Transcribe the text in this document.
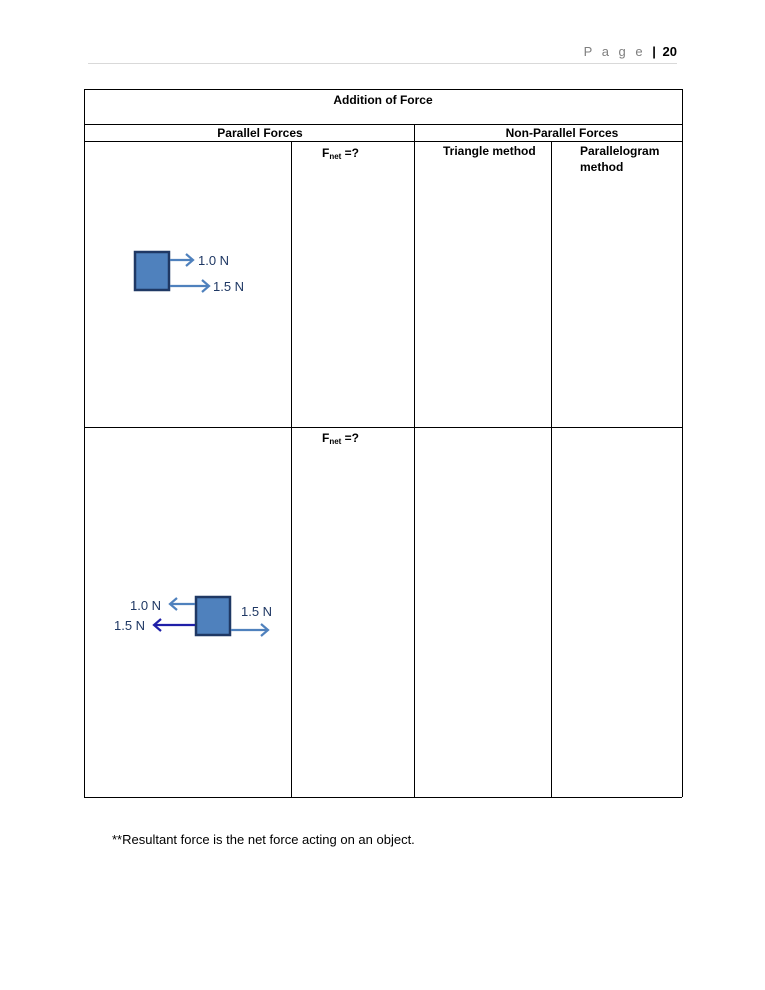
P a g e | 20
Addition of Force
Parallel Forces	Non-Parallel Forces
Triangle method	Parallelogram
method
$F_{net}$ =?
$F_{net}$ =?
1.0 N
1.5 N
1.0 N
1.5 N
1.5 N
**Resultant force is the net force acting on an object.
